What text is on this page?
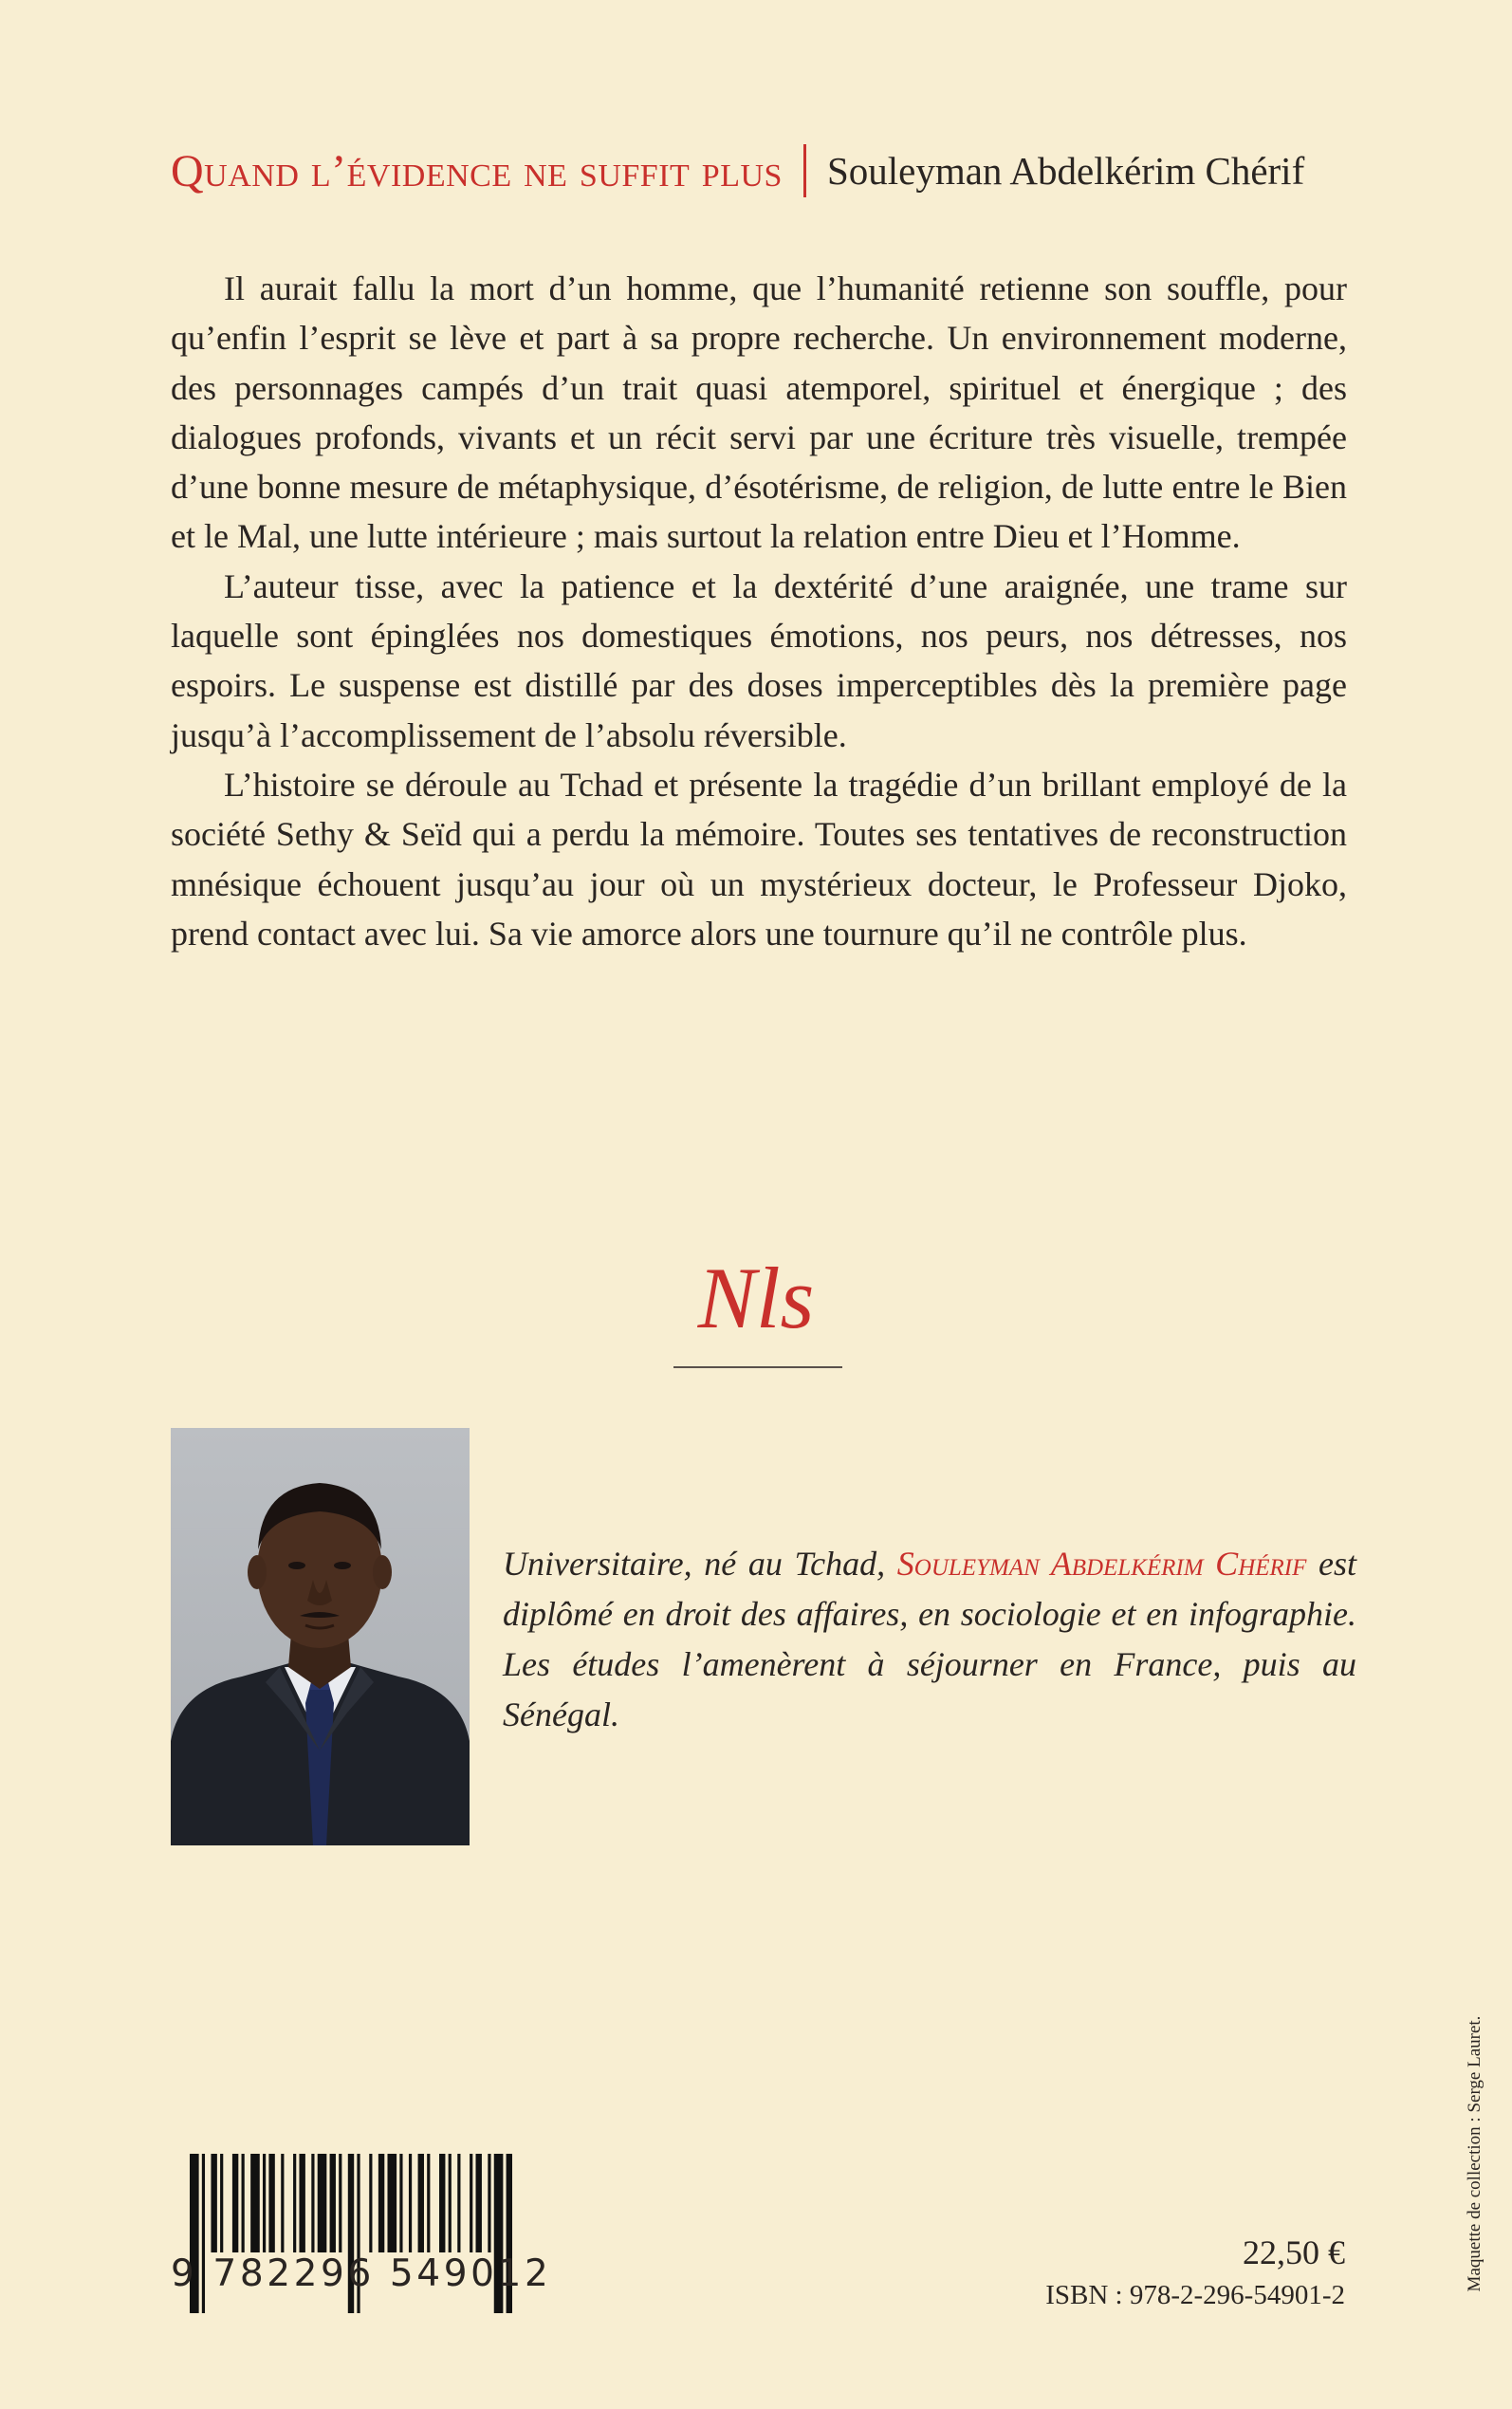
Quand l’évidence ne suffit plus Souleyman Abdelkérim Chérif

Il aurait fallu la mort d’un homme, que l’humanité retienne son souffle, pour qu’enfin l’esprit se lève et part à sa propre recherche. Un environnement moderne, des personnages campés d’un trait quasi atemporel, spirituel et énergique ; des dialogues profonds, vivants et un récit servi par une écriture très visuelle, trempée d’une bonne mesure de métaphysique, d’ésotérisme, de religion, de lutte entre le Bien et le Mal, une lutte intérieure ; mais surtout la relation entre Dieu et l’Homme.

L’auteur tisse, avec la patience et la dextérité d’une araignée, une trame sur laquelle sont épinglées nos domestiques émotions, nos peurs, nos détresses, nos espoirs. Le suspense est distillé par des doses imperceptibles dès la première page jusqu’à l’accomplissement de l’absolu réversible.

L’histoire se déroule au Tchad et présente la tragédie d’un brillant employé de la société Sethy & Seïd qui a perdu la mémoire. Toutes ses tentatives de reconstruction mnésique échouent jusqu’au jour où un mystérieux docteur, le Professeur Djoko, prend contact avec lui. Sa vie amorce alors une tournure qu’il ne contrôle plus.

Nls
Universitaire, né au Tchad, Souleyman Abdelkérim Chérif est diplômé en droit des affaires, en sociologie et en infographie. Les études l’amenèrent à séjourner en France, puis au Sénégal.
9 782296 549012	22,50 €
ISBN : 978-2-296-54901-2
Maquette de collection : Serge Lauret.
